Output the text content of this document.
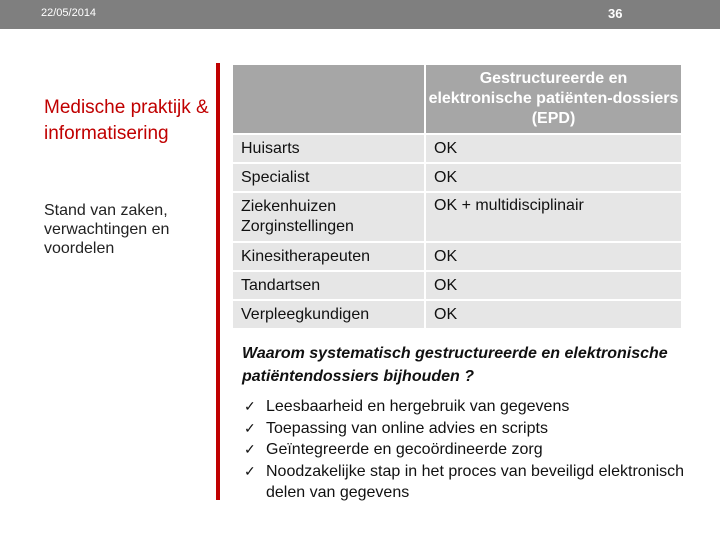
22/05/2014	36
Medische praktijk & informatisering
Stand van zaken, verwachtingen en voordelen
	Gestructureerde en elektronische patiënten-dossiers (EPD)
Huisarts	OK
Specialist	OK
Ziekenhuizen Zorginstellingen	OK + multidisciplinair
Kinesitherapeuten	OK
Tandartsen	OK
Verpleegkundigen	OK
Waarom systematisch gestructureerde en elektronische patiëntendossiers bijhouden ?
✓ Leesbaarheid en hergebruik van gegevens
✓ Toepassing van online advies en scripts
✓ Geïntegreerde en gecoördineerde zorg
✓ Noodzakelijke stap in het proces van beveiligd elektronisch delen van gegevens
